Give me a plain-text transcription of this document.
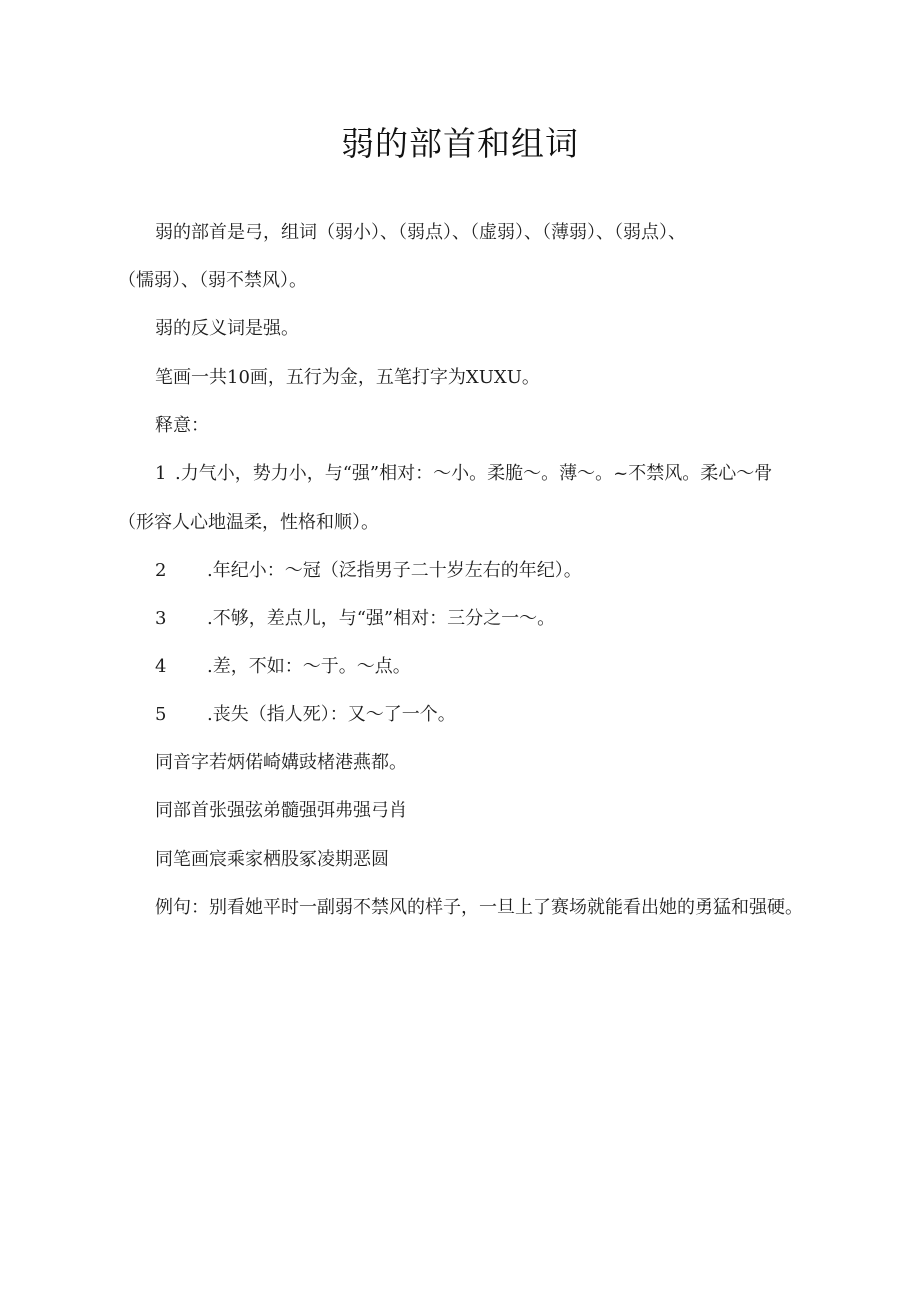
弱的部首和组词
弱的部首是弓，组词（弱小）、（弱点）、（虚弱）、（薄弱）、（弱点）、
（懦弱）、（弱不禁风）。
弱的反义词是强。
笔画一共10画，五行为金，五笔打字为XUXU。
释意：
1 .力气小，势力小，与“强”相对：～小。柔脆～。薄～。~不禁风。柔心～骨
（形容人心地温柔，性格和顺）。
2 .年纪小：～冠（泛指男子二十岁左右的年纪）。
3 .不够，差点儿，与“强”相对：三分之一～。
4 .差，不如：～于。～点。
5 .丧失（指人死）：又～了一个。
同音字若炳偌崎媾豉楮港燕都。
同部首张强弦弟髓强弭弗强弓肖
同笔画宸乘家栖股冢凌期恶圆
例句：别看她平时一副弱不禁风的样子，一旦上了赛场就能看出她的勇猛和强硬。
